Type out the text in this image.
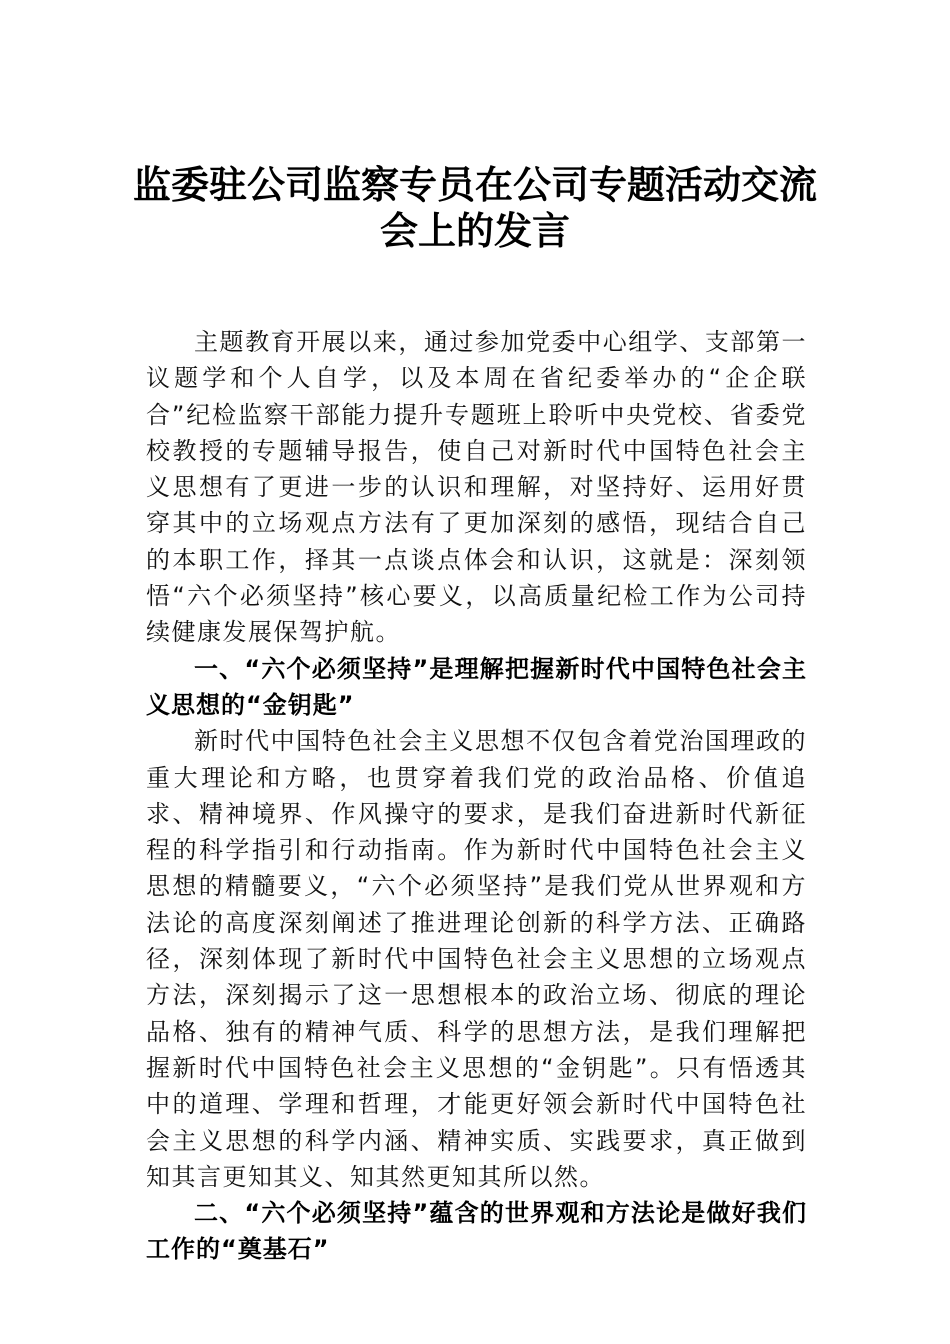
监委驻公司监察专员在公司专题活动交流
会上的发言

主题教育开展以来，通过参加党委中心组学、支部第一议题学和个人自学，以及本周在省纪委举办的“企企联合”纪检监察干部能力提升专题班上聆听中央党校、省委党校教授的专题辅导报告，使自己对新时代中国特色社会主义思想有了更进一步的认识和理解，对坚持好、运用好贯穿其中的立场观点方法有了更加深刻的感悟，现结合自己的本职工作，择其一点谈点体会和认识，这就是：深刻领悟“六个必须坚持”核心要义，以高质量纪检工作为公司持续健康发展保驾护航。

一、“六个必须坚持”是理解把握新时代中国特色社会主义思想的“金钥匙”

新时代中国特色社会主义思想不仅包含着党治国理政的重大理论和方略，也贯穿着我们党的政治品格、价值追求、精神境界、作风操守的要求，是我们奋进新时代新征程的科学指引和行动指南。作为新时代中国特色社会主义思想的精髓要义，“六个必须坚持”是我们党从世界观和方法论的高度深刻阐述了推进理论创新的科学方法、正确路径，深刻体现了新时代中国特色社会主义思想的立场观点方法，深刻揭示了这一思想根本的政治立场、彻底的理论品格、独有的精神气质、科学的思想方法，是我们理解把握新时代中国特色社会主义思想的“金钥匙”。只有悟透其中的道理、学理和哲理，才能更好领会新时代中国特色社会主义思想的科学内涵、精神实质、实践要求，真正做到知其言更知其义、知其然更知其所以然。

二、“六个必须坚持”蕴含的世界观和方法论是做好我们工作的“奠基石”
